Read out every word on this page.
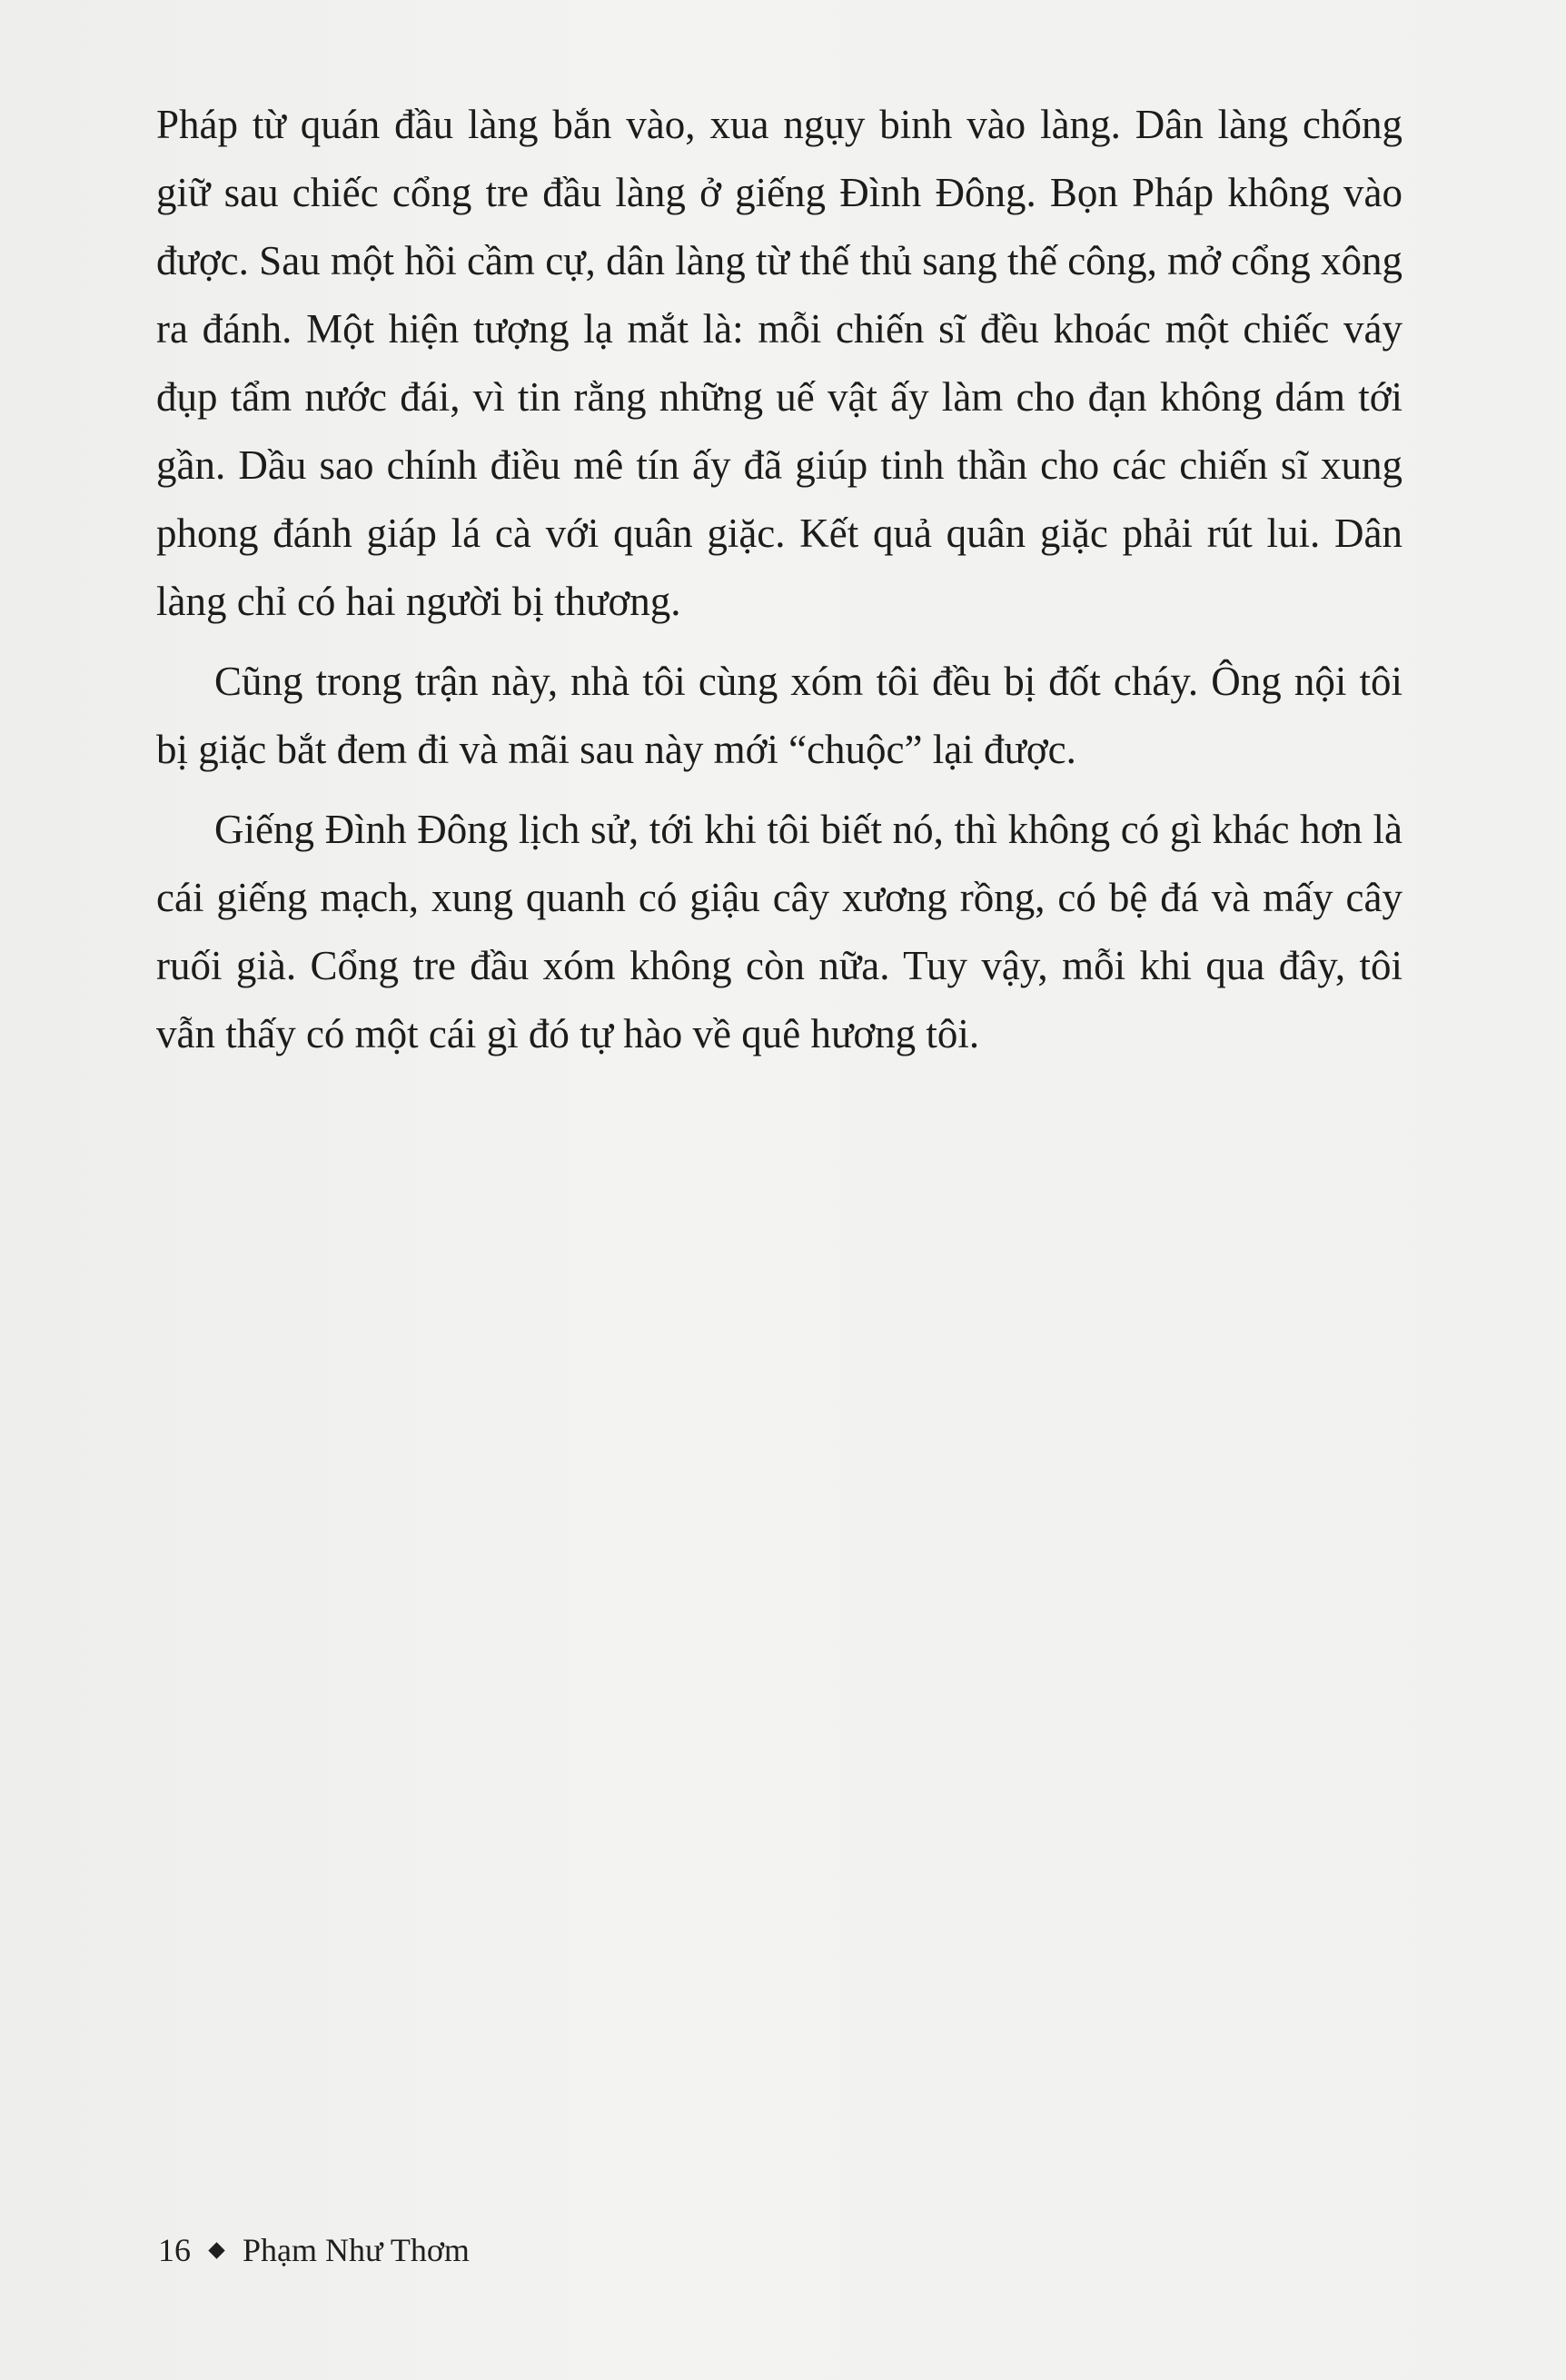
Pháp từ quán đầu làng bắn vào, xua ngụy binh vào làng. Dân làng chống giữ sau chiếc cổng tre đầu làng ở giếng Đình Đông. Bọn Pháp không vào được. Sau một hồi cầm cự, dân làng từ thế thủ sang thế công, mở cổng xông ra đánh. Một hiện tượng lạ mắt là: mỗi chiến sĩ đều khoác một chiếc váy đụp tẩm nước đái, vì tin rằng những uế vật ấy làm cho đạn không dám tới gần. Dầu sao chính điều mê tín ấy đã giúp tinh thần cho các chiến sĩ xung phong đánh giáp lá cà với quân giặc. Kết quả quân giặc phải rút lui. Dân làng chỉ có hai người bị thương.

Cũng trong trận này, nhà tôi cùng xóm tôi đều bị đốt cháy. Ông nội tôi bị giặc bắt đem đi và mãi sau này mới “chuộc” lại được.

Giếng Đình Đông lịch sử, tới khi tôi biết nó, thì không có gì khác hơn là cái giếng mạch, xung quanh có giậu cây xương rồng, có bệ đá và mấy cây ruối già. Cổng tre đầu xóm không còn nữa. Tuy vậy, mỗi khi qua đây, tôi vẫn thấy có một cái gì đó tự hào về quê hương tôi.

16 Phạm Như Thơm
